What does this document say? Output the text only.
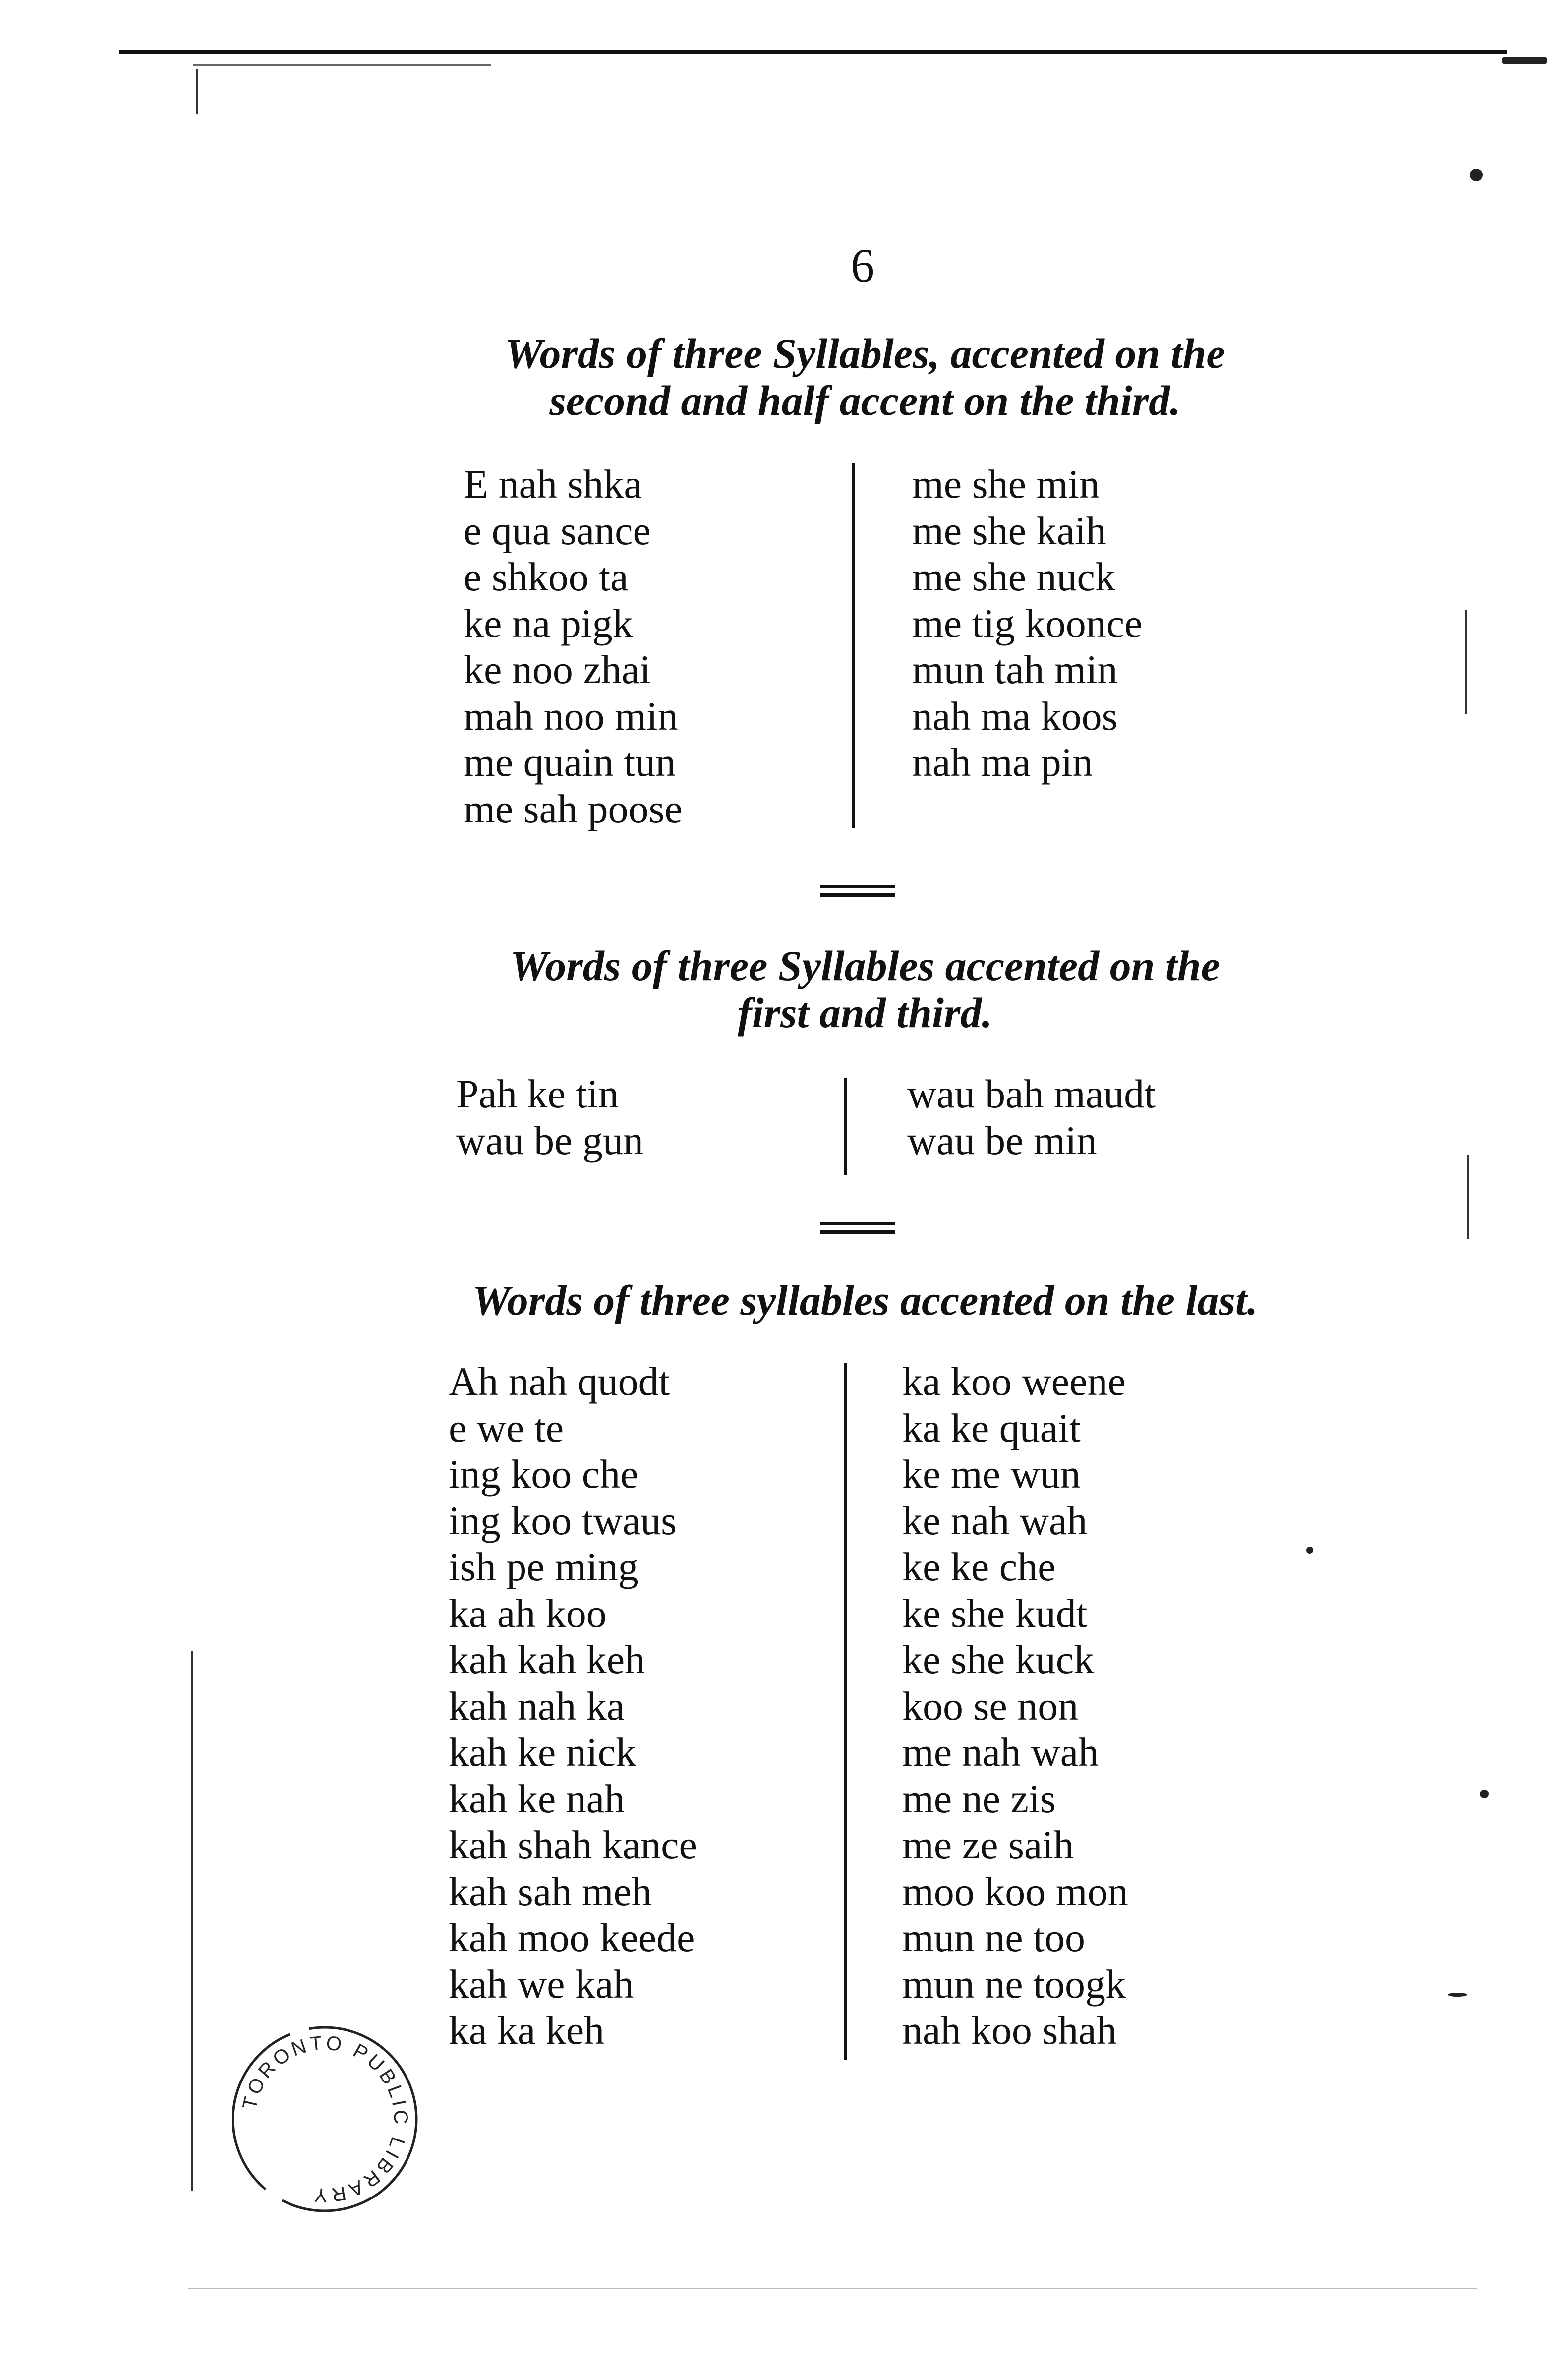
6
Words of three Syllables, accented on the
second and half accent on the third.
E nah shka
e qua sance
e shkoo ta
ke na pigk
ke noo zhai
mah noo min
me quain tun
me sah poose
me she min
me she kaih
me she nuck
me tig koonce
mun tah min
nah ma koos
nah ma pin
Words of three Syllables accented on the
first and third.
Pah ke tin
wau be gun
wau bah maudt
wau be min
Words of three syllables accented on the last.
Ah nah quodt
e we te
ing koo che
ing koo twaus
ish pe ming
ka ah koo
kah kah keh
kah nah ka
kah ke nick
kah ke nah
kah shah kance
kah sah meh
kah moo keede
kah we kah
ka ka keh
ka koo weene
ka ke quait
ke me wun
ke nah wah
ke ke che
ke she kudt
ke she kuck
koo se non
me nah wah
me ne zis
me ze saih
moo koo mon
mun ne too
mun ne toogk
nah koo shah
TORONTO PUBLIC LIBRARY
